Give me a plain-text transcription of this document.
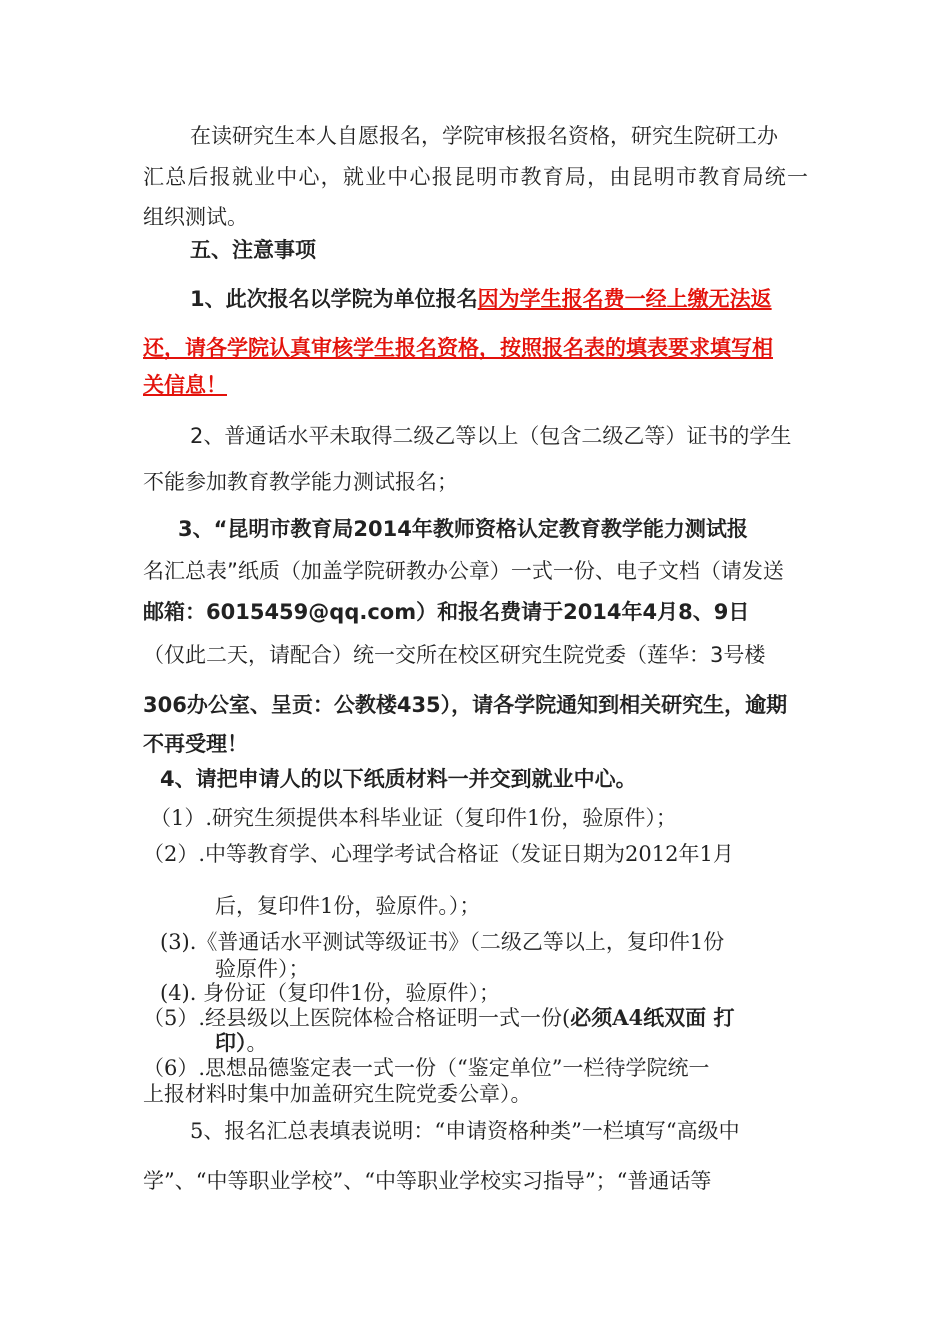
在读研究生本人自愿报名，学院审核报名资格，研究生院研工办

汇总后报就业中心，就业中心报昆明市教育局，由昆明市教育局统一

组织测试。

五、注意事项

1、此次报名以学院为单位报名因为学生报名费一经上缴无法返

还，请各学院认真审核学生报名资格，按照报名表的填表要求填写相

关信息！

2、普通话水平未取得二级乙等以上（包含二级乙等）证书的学生

不能参加教育教学能力测试报名；

3、“昆明市教育局2014年教师资格认定教育教学能力测试报

名汇总表”纸质（加盖学院研教办公章）一式一份、电子文档（请发送

邮箱：6015459@qq.com）和报名费请于2014年4月8、9日

（仅此二天，请配合）统一交所在校区研究生院党委（莲华：3号楼

306办公室、呈贡：公教楼435），请各学院通知到相关研究生，逾期

不再受理！

4、请把申请人的以下纸质材料一并交到就业中心。

（1）.研究生须提供本科毕业证（复印件1份，验原件）；

（2）.中等教育学、心理学考试合格证（发证日期为2012年1月

后，复印件1份，验原件。）；

(3).《普通话水平测试等级证书》（二级乙等以上，复印件1份

验原件）；

(4). 身份证（复印件1份，验原件）；

（5）.经县级以上医院体检合格证明一式一份(必须A4纸双面 打

印）。

（6）.思想品德鉴定表一式一份（“鉴定单位”一栏待学院统一

上报材料时集中加盖研究生院党委公章）。

5、报名汇总表填表说明：“申请资格种类”一栏填写“高级中

学”、“中等职业学校”、“中等职业学校实习指导”；“普通话等
